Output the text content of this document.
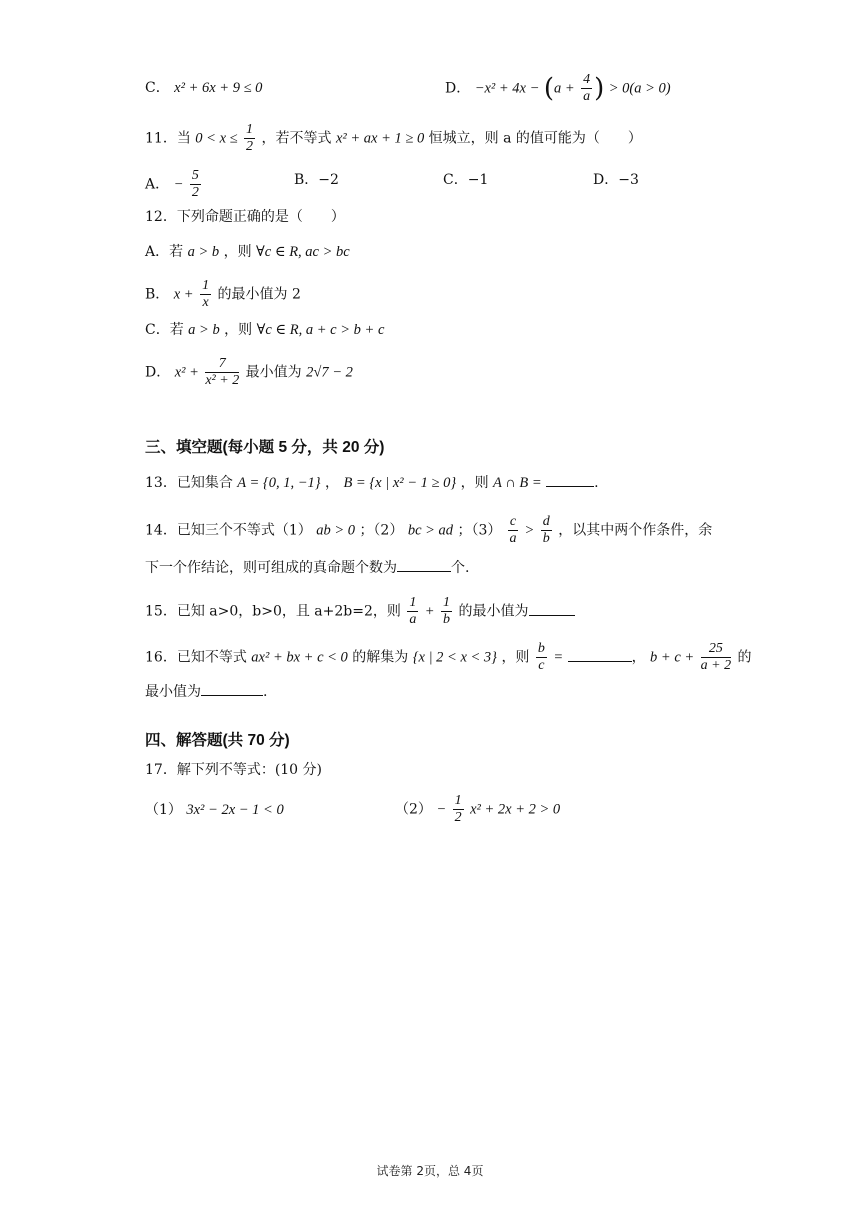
C． x² + 6x + 9 ≤ 0	D． $-x^2 + 4x - (a + \frac{4}{a}$ ) > 0(a > 0)
11．当 $0 < x \le \frac{1}{2}$ ，若不等式 x² + ax + 1 ≥ 0 恒城立，则 a 的值可能为（　　）
A． − $\frac{5}{2}$	B．−2	C．−1	D．−3
12．下列命题正确的是（　　）
A．若 a > b ，则 ∀c ∈ R, ac > bc
B． $x + \frac{1}{x}$ 的最小值为 2
C．若 a > b ，则 ∀c ∈ R, a + c > b + c
D． $x^2 + \frac{7}{\text{x² + 2}}$ 最小值为 2√7 − 2
三、填空题(每小题 5 分，共 20 分)
13．已知集合 A = {0, 1, −1} ， B = {x | x² − 1 ≥ 0} ，则 A ∩ B =	.
14．已知三个不等式（1） ab > 0 ；（2） bc > ad ；$(3) \frac{c}{a} > \frac{d}{b}$ ，以其中两个作条件，余
下一个作结论，则可组成的真命题个数为	个.
15．已知 a>0，b>0，且 a+2b=2，则 $\frac{1}{a} + \frac{1}{b}$ 的最小值为
16．已知不等式 ax² + bx + c < 0 的解集为 {x | 2 < x < 3} ，则 $\frac{b}{c}$ =	， $b + c + \frac{25}{a + 2}$ 的
最小值为	.
四、解答题(共 70 分)
17．解下列不等式：(10 分)
（1） 3x² − 2x − 1 < 0	$(2) - \frac{1}{2} x^2 + 2x + 2 > 0$
试卷第 2页，总 4页
